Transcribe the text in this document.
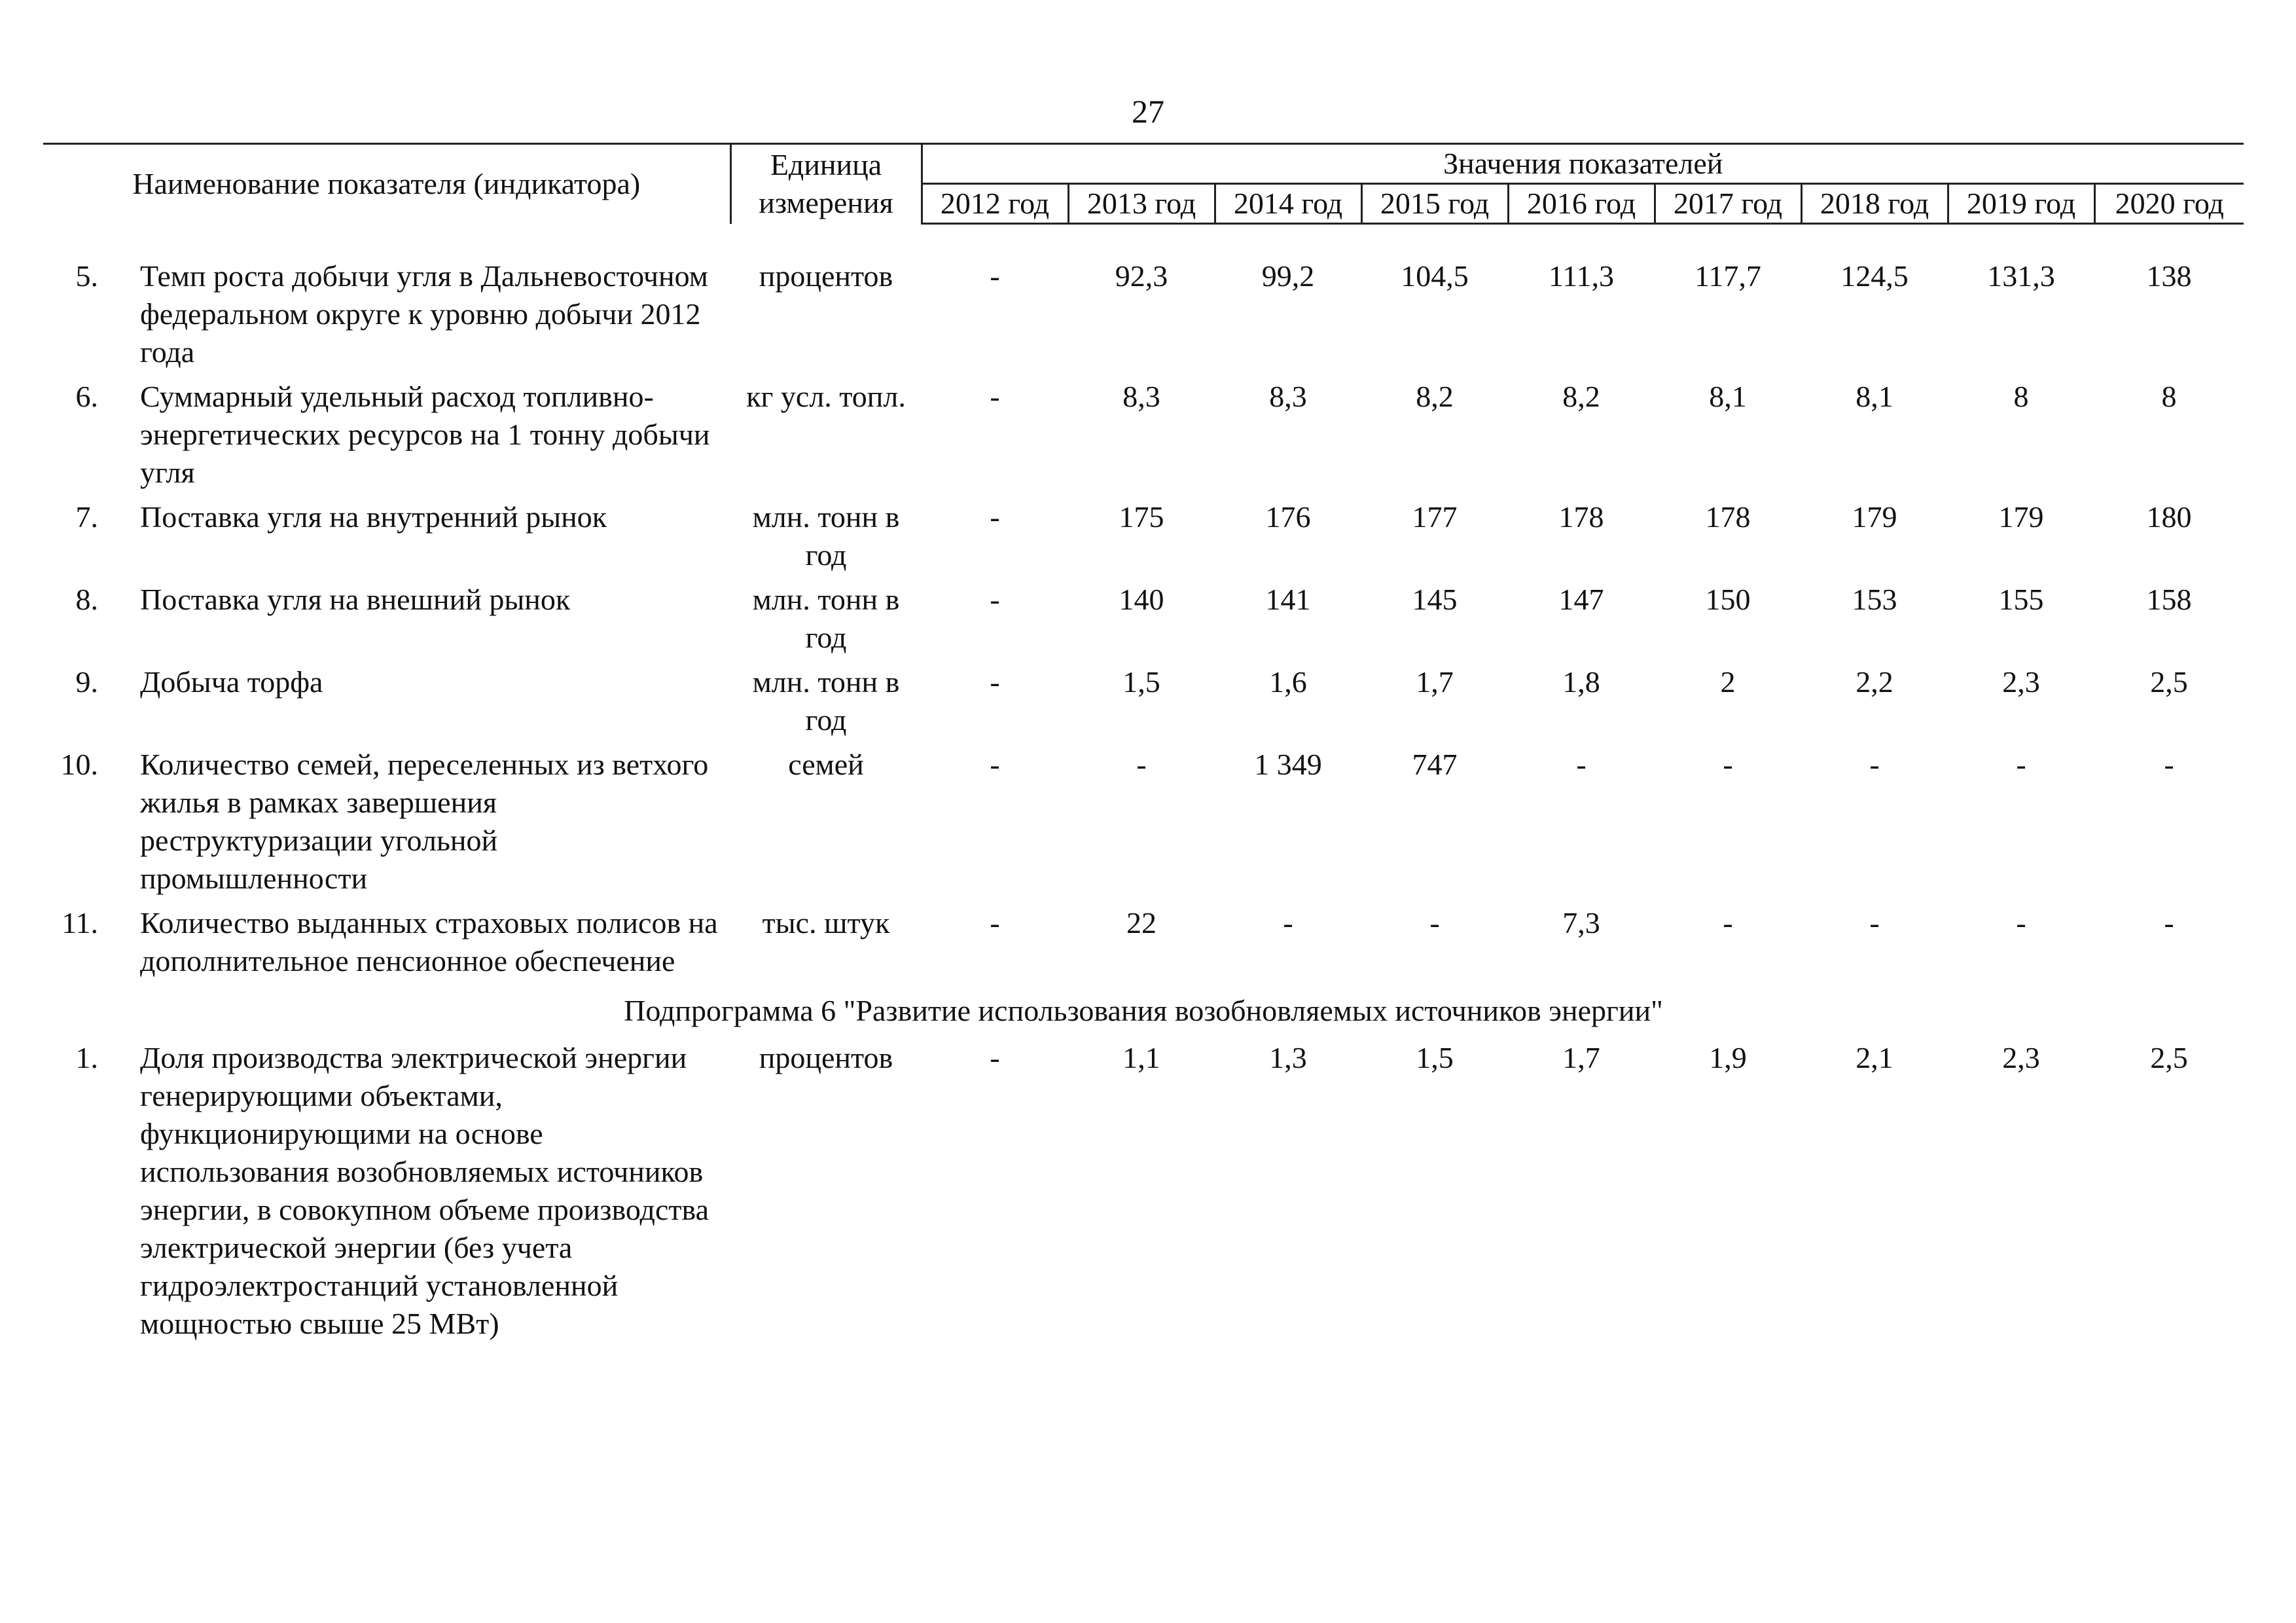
27
Наименование показателя (индикатора)		Единица измерения	Значения показателей								
			2012 год	2013 год	2014 год	2015 год	2016 год	2017 год	2018 год	2019 год	2020 год

5.	Темп роста добычи угля в Дальневосточном федеральном округе к уровню добычи 2012 года	процентов	-	92,3	99,2	104,5	111,3	117,7	124,5	131,3	138
6.	Суммарный удельный расход топливно-энергетических ресурсов на 1 тонну добычи угля	кг усл. топл.	-	8,3	8,3	8,2	8,2	8,1	8,1	8	8
7.	Поставка угля на внутренний рынок	млн. тонн в год	-	175	176	177	178	178	179	179	180
8.	Поставка угля на внешний рынок	млн. тонн в год	-	140	141	145	147	150	153	155	158
9.	Добыча торфа	млн. тонн в год	-	1,5	1,6	1,7	1,8	2	2,2	2,3	2,5
10.	Количество семей, переселенных из ветхого жилья в рамках завершения реструктуризации угольной промышленности	семей	-	-	1 349	747	-	-	-	-	-
11.	Количество выданных страховых полисов на дополнительное пенсионное обеспечение	тыс. штук	-	22	-	-	7,3	-	-	-	-
Подпрограмма 6 "Развитие использования возобновляемых источников энергии"											
1.	Доля производства электрической энергии генерирующими объектами, функционирующими на основе использования возобновляемых источников энергии, в совокупном объеме производства электрической энергии (без учета гидроэлектростанций установленной мощностью свыше 25 МВт)	процентов	-	1,1	1,3	1,5	1,7	1,9	2,1	2,3	2,5
